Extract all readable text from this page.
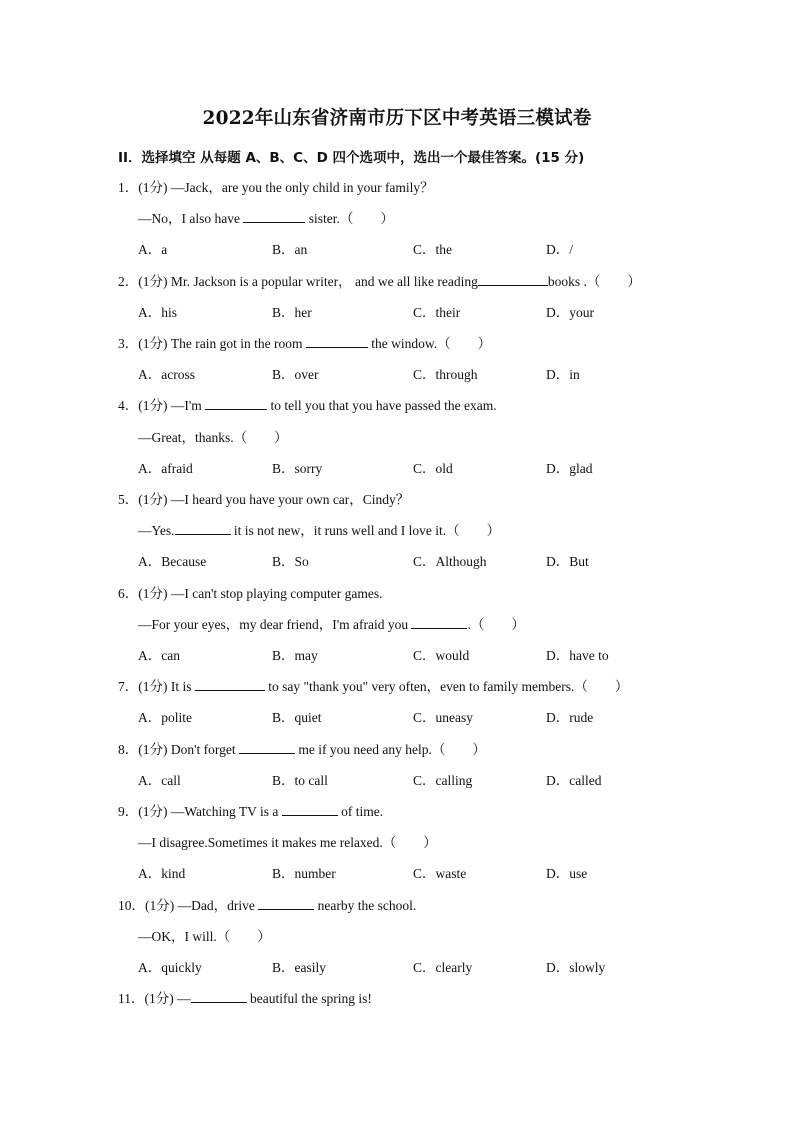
2022年山东省济南市历下区中考英语三模试卷
II．选择填空 从每题 A、B、C、D 四个选项中，选出一个最佳答案。(15 分)
1．(1分) —Jack，are you the only child in your family？
—No，I also have	sister.（　　）
A．a	B．an	C．the	D．/
2．(1分) Mr. Jackson is a popular writer， and we all like reading	books .（　　）
A．his	B．her	C．their	D．your
3．(1分) The rain got in the room	the window.（　　）
A．across	B．over	C．through	D．in
4．(1分) —I'm	to tell you that you have passed the exam.
—Great，thanks.（　　）
A．afraid	B．sorry	C．old	D．glad
5．(1分) —I heard you have your own car，Cindy？
—Yes.	it is not new，it runs well and I love it.（　　）
A．Because	B．So	C．Although	D．But
6．(1分) —I can't stop playing computer games.
—For your eyes，my dear friend，I'm afraid you	.（　　）
A．can	B．may	C．would	D．have to
7．(1分) It is	to say "thank you" very often，even to family members.（　　）
A．polite	B．quiet	C．uneasy	D．rude
8．(1分) Don't forget	me if you need any help.（　　）
A．call	B．to call	C．calling	D．called
9．(1分) —Watching TV is a	of time.
—I disagree.Sometimes it makes me relaxed.（　　）
A．kind	B．number	C．waste	D．use
10．(1分) —Dad，drive	nearby the school.
—OK，I will.（　　）
A．quickly	B．easily	C．clearly	D．slowly
11．(1分) —	beautiful the spring is!
